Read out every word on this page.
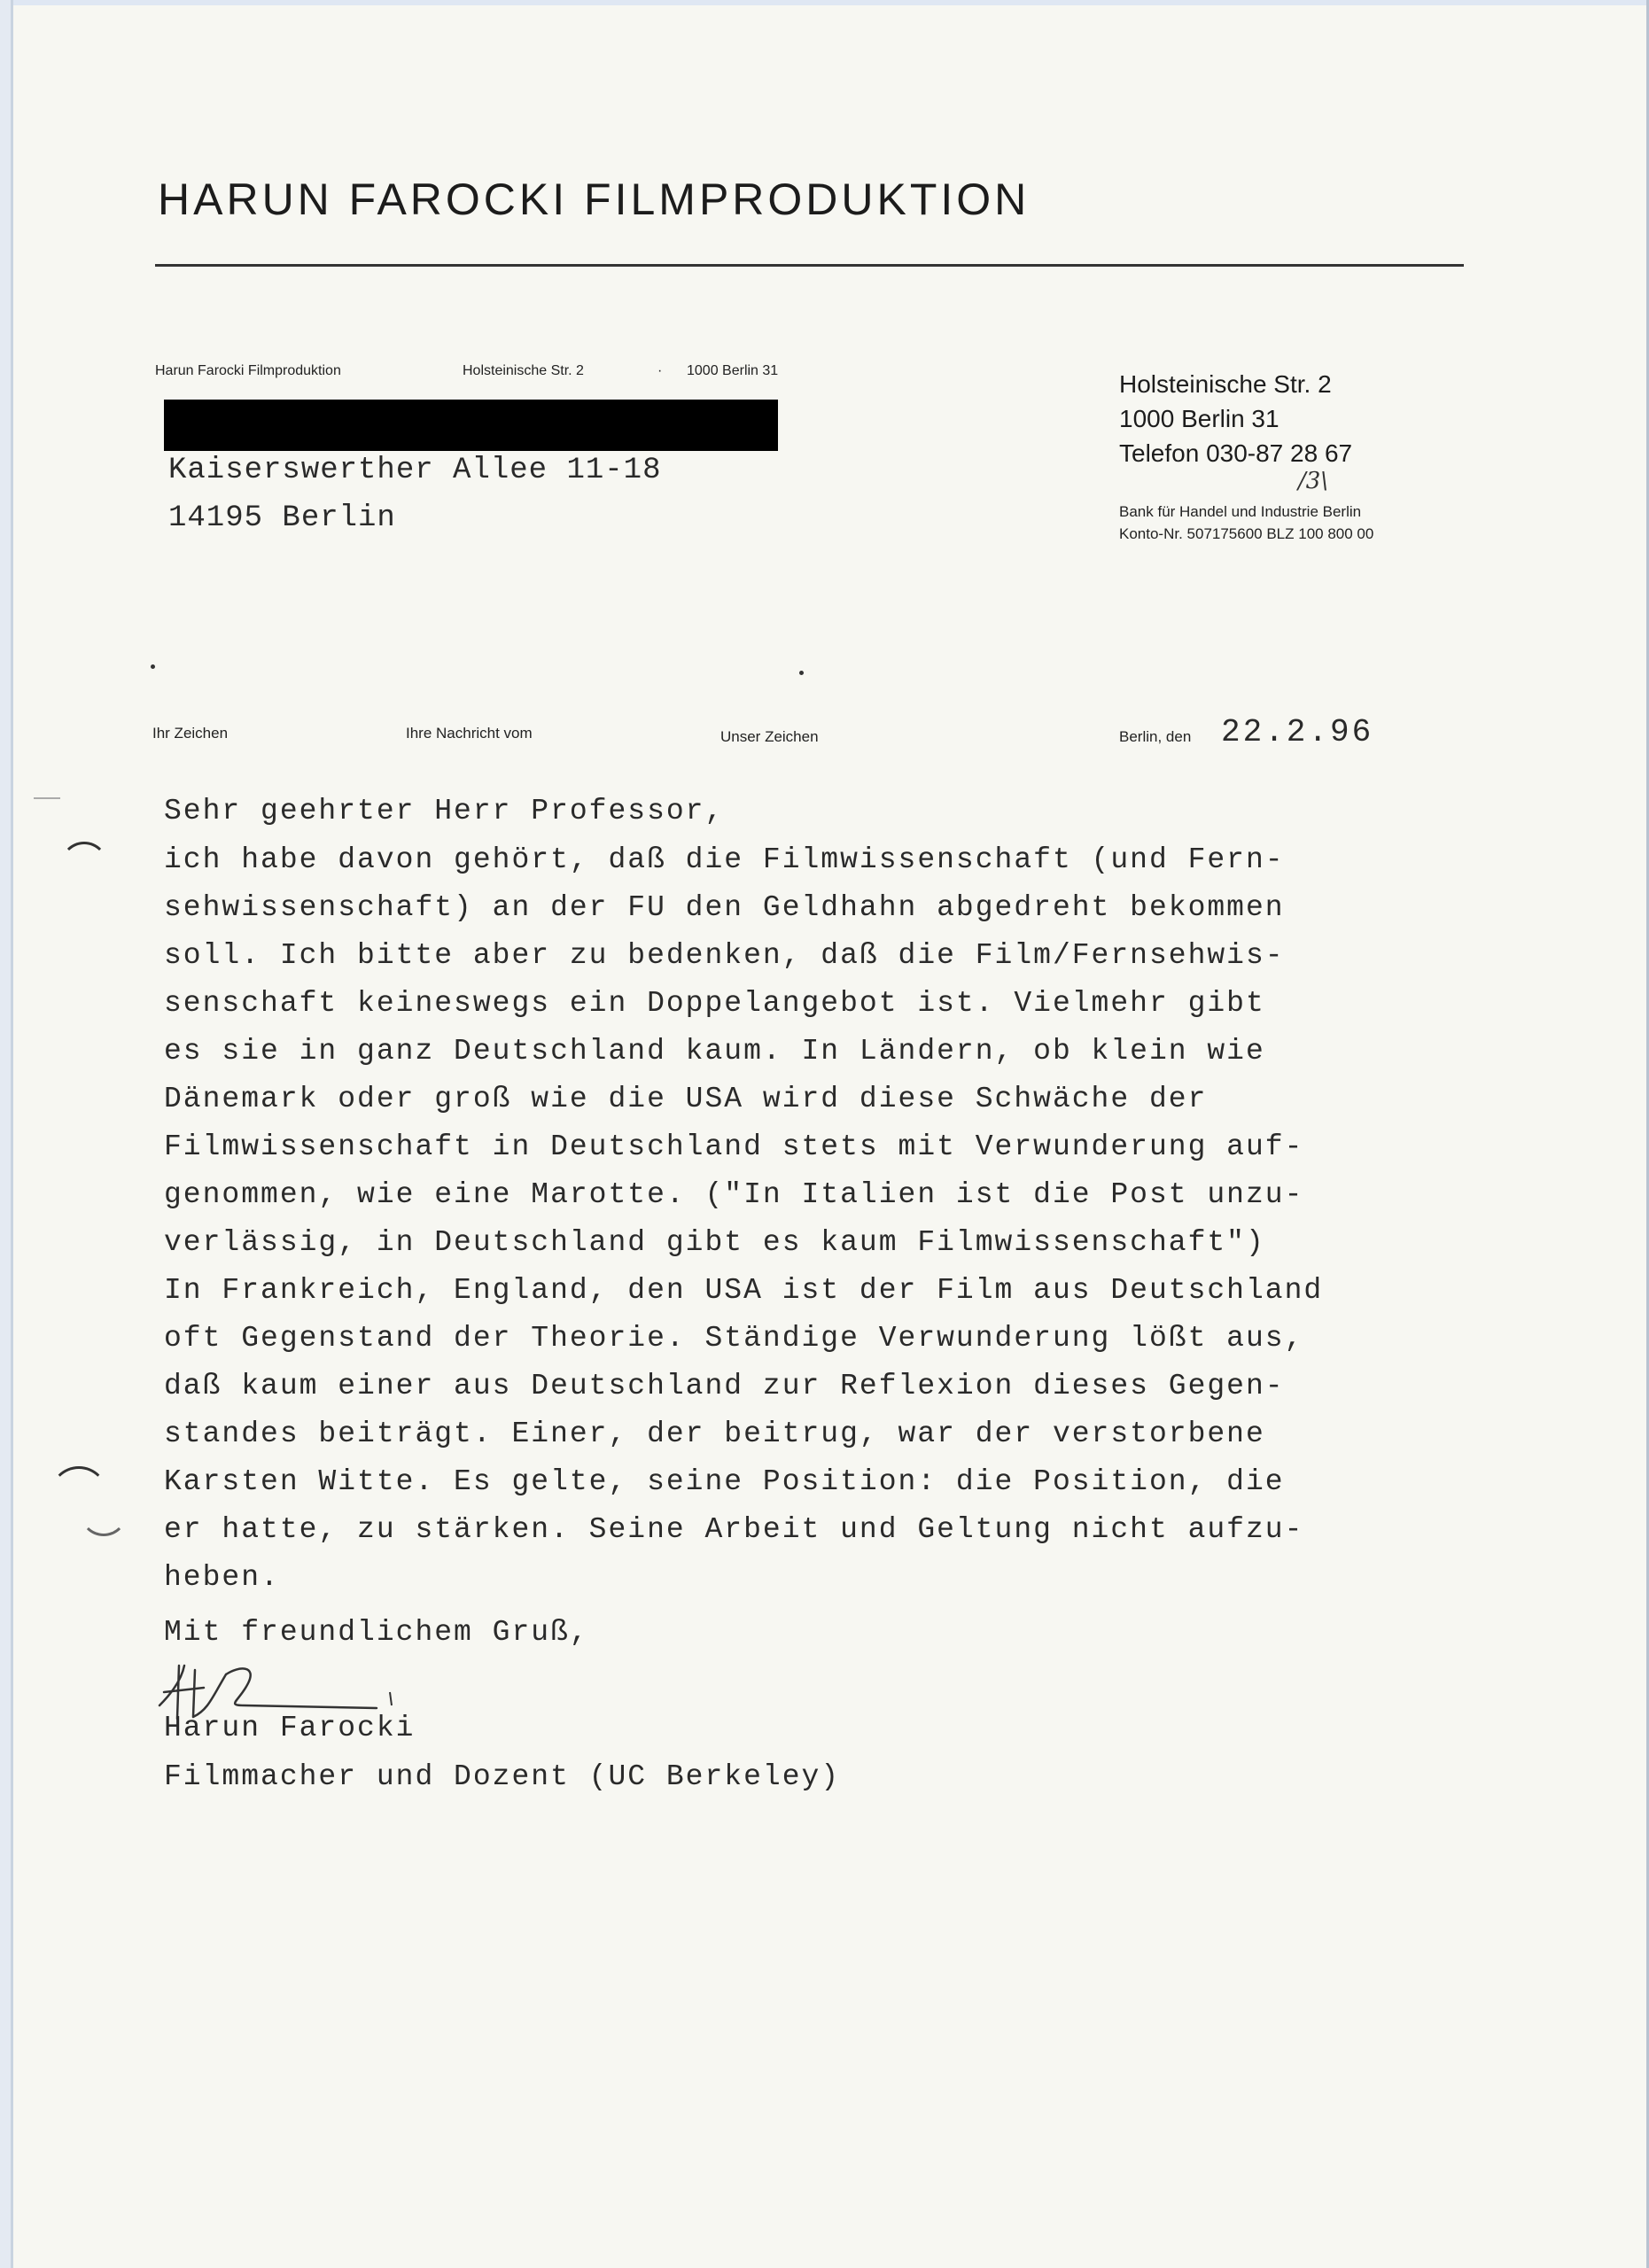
HARUN FAROCKI FILMPRODUKTION
Harun Farocki Filmproduktion	Holsteinische Str. 2	· 1000 Berlin 31
Kaiserswerther Allee 11-18
14195 Berlin
Holsteinische Str. 2
1000 Berlin 31
Telefon 030-87 28 67
/3\
Bank für Handel und Industrie Berlin
Konto-Nr. 507175600 BLZ 100 800 00
Ihr Zeichen	Ihre Nachricht vom	Unser Zeichen	Berlin, den 22.2.96
Sehr geehrter Herr Professor,
ich habe davon gehört, daß die Filmwissenschaft (und Fern-
sehwissenschaft) an der FU den Geldhahn abgedreht bekommen
soll. Ich bitte aber zu bedenken, daß die Film/Fernsehwis-
senschaft keineswegs ein Doppelangebot ist. Vielmehr gibt
es sie in ganz Deutschland kaum. In Ländern, ob klein wie
Dänemark oder groß wie die USA wird diese Schwäche der
Filmwissenschaft in Deutschland stets mit Verwunderung auf-
genommen, wie eine Marotte. ("In Italien ist die Post unzu-
verlässig, in Deutschland gibt es kaum Filmwissenschaft")
In Frankreich, England, den USA ist der Film aus Deutschland
oft Gegenstand der Theorie. Ständige Verwunderung lößt aus,
daß kaum einer aus Deutschland zur Reflexion dieses Gegen-
standes beiträgt. Einer, der beitrug, war der verstorbene
Karsten Witte. Es gelte, seine Position: die Position, die
er hatte, zu stärken. Seine Arbeit und Geltung nicht aufzu-
heben.
Mit freundlichem Gruß,
Harun Farocki
Filmmacher und Dozent (UC Berkeley)
